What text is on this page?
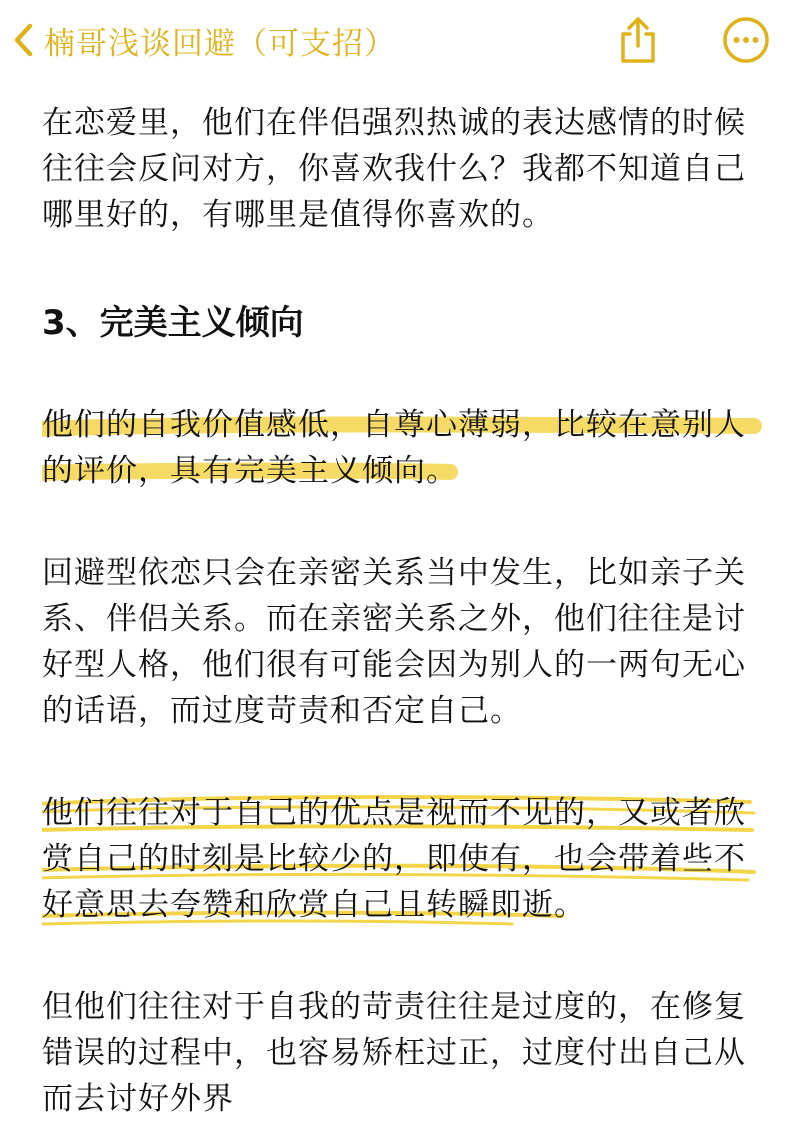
楠哥浅谈回避（可支招）

在恋爱里，他们在伴侣强烈热诚的表达感情的时候往往会反问对方，你喜欢我什么？我都不知道自己哪里好的，有哪里是值得你喜欢的。

3、完美主义倾向

他们的自我价值感低，自尊心薄弱，比较在意别人的评价，具有完美主义倾向。

回避型依恋只会在亲密关系当中发生，比如亲子关系、伴侣关系。而在亲密关系之外，他们往往是讨好型人格，他们很有可能会因为别人的一两句无心的话语，而过度苛责和否定自己。

他们往往对于自己的优点是视而不见的，又或者欣赏自己的时刻是比较少的，即使有，也会带着些不好意思去夸赞和欣赏自己且转瞬即逝。

但他们往往对于自我的苛责往往是过度的，在修复错误的过程中，也容易矫枉过正，过度付出自己从而去讨好外界
